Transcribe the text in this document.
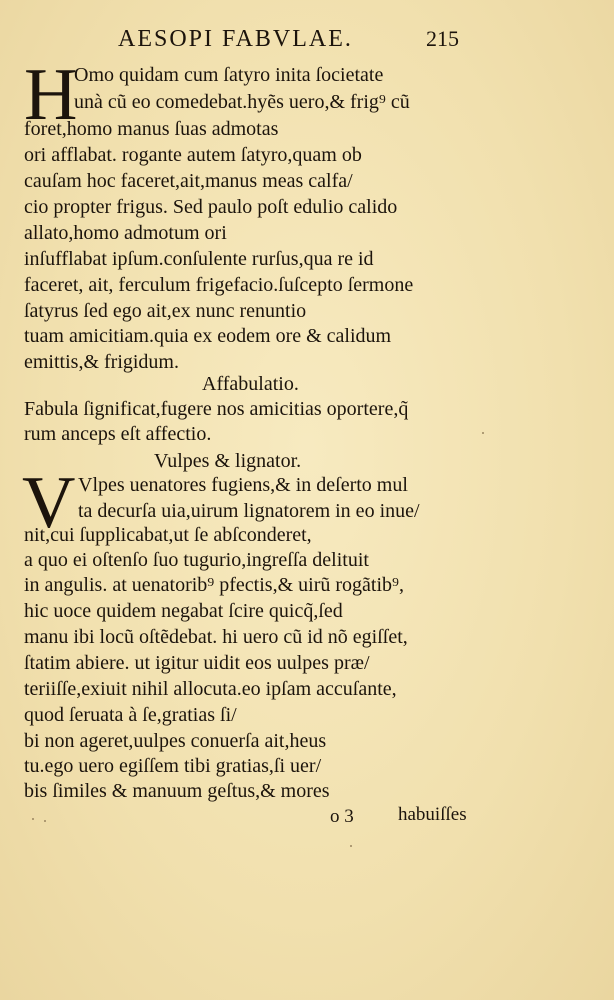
AESOPI FABVLAE.	215
H
Omo quidam cum ſatyro inita ſocietate
unà cũ eo comedebat.hyẽs uero,& frig⁹ cũ
foret,homo manus ſuas admotas
ori afflabat. rogante autem ſatyro,quam ob
cauſam hoc faceret,ait,manus meas calfa/
cio propter frigus. Sed paulo poſt edulio calido
allato,homo admotum ori
inſufflabat ipſum.conſulente rurſus,qua re id
faceret, ait, ferculum frigefacio.ſuſcepto ſermone
ſatyrus ſed ego ait,ex nunc renuntio
tuam amicitiam.quia ex eodem ore & calidum
emittis,& frigidum.
Affabulatio.
Fabula ſignificat,fugere nos amicitias oportere,q̃
rum anceps eſt affectio.
Vulpes & lignator.
V Vlpes uenatores fugiens,& in deſerto mul
ta decurſa uia,uirum lignatorem in eo inue/
nit,cui ſupplicabat,ut ſe abſconderet,
a quo ei oſtenſo ſuo tugurio,ingreſſa delituit
in angulis. at uenatorib⁹ pfectis,& uirũ rogãtib⁹,
hic uoce quidem negabat ſcire quicq̃,ſed
manu ibi locũ oſtẽdebat. hi uero cũ id nõ egiſſet,
ſtatim abiere. ut igitur uidit eos uulpes præ/
teriiſſe,exiuit nihil allocuta.eo ipſam accuſante,
quod ſeruata à ſe,gratias ſi/
bi non ageret,uulpes conuerſa ait,heus
tu.ego uero egiſſem tibi gratias,ſi uer/
bis ſimiles & manuum geſtus,& mores
o 3 habuiſſes
